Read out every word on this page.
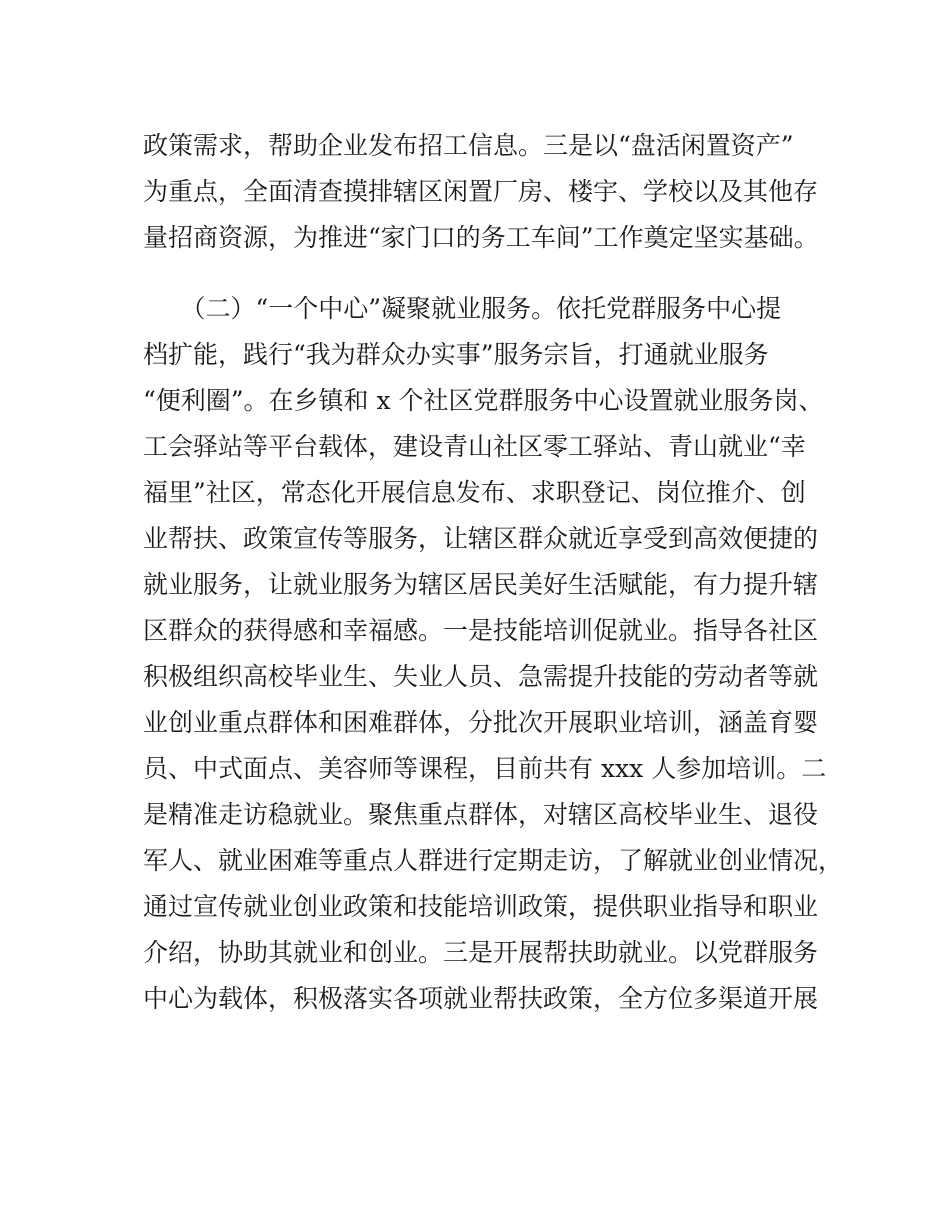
政策需求，帮助企业发布招工信息。三是以“盘活闲置资产”
为重点，全面清查摸排辖区闲置厂房、楼宇、学校以及其他存
量招商资源，为推进“家门口的务工车间”工作奠定坚实基础。
　　（二）“一个中心”凝聚就业服务。依托党群服务中心提
档扩能，践行“我为群众办实事”服务宗旨，打通就业服务
“便利圈”。在乡镇和 x 个社区党群服务中心设置就业服务岗、
工会驿站等平台载体，建设青山社区零工驿站、青山就业“幸
福里”社区，常态化开展信息发布、求职登记、岗位推介、创
业帮扶、政策宣传等服务，让辖区群众就近享受到高效便捷的
就业服务，让就业服务为辖区居民美好生活赋能，有力提升辖
区群众的获得感和幸福感。一是技能培训促就业。指导各社区
积极组织高校毕业生、失业人员、急需提升技能的劳动者等就
业创业重点群体和困难群体，分批次开展职业培训，涵盖育婴
员、中式面点、美容师等课程，目前共有 xxx 人参加培训。二
是精准走访稳就业。聚焦重点群体，对辖区高校毕业生、退役
军人、就业困难等重点人群进行定期走访，了解就业创业情况，
通过宣传就业创业政策和技能培训政策，提供职业指导和职业
介绍，协助其就业和创业。三是开展帮扶助就业。以党群服务
中心为载体，积极落实各项就业帮扶政策，全方位多渠道开展
